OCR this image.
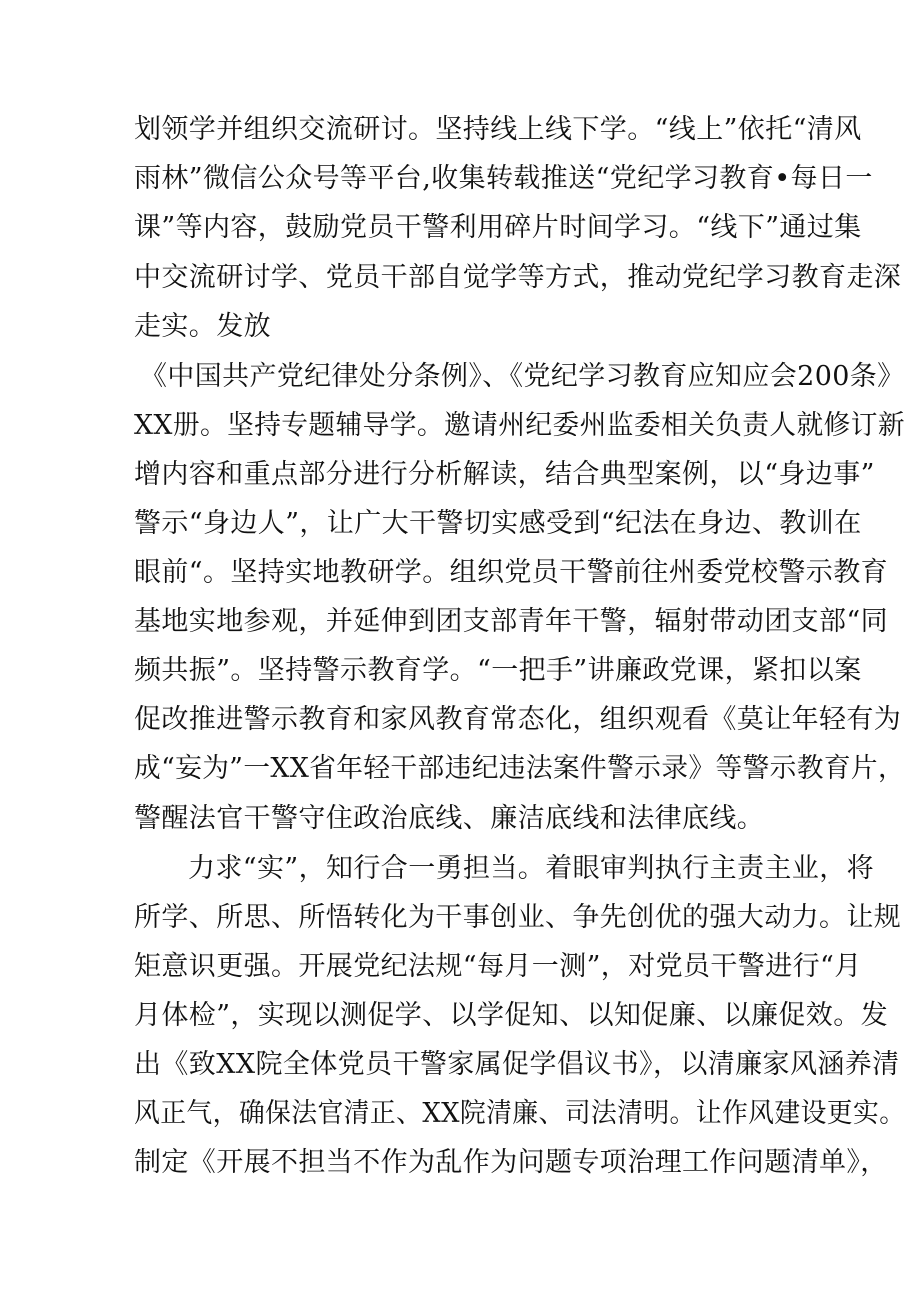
划领学并组织交流研讨。坚持线上线下学。“线上”依托“清风
雨林”微信公众号等平台,收集转载推送“党纪学习教育•每日一
课”等内容，鼓励党员干警利用碎片时间学习。“线下”通过集
中交流研讨学、党员干部自觉学等方式，推动党纪学习教育走深
走实。发放
《中国共产党纪律处分条例》、《党纪学习教育应知应会200条》
XX册。坚持专题辅导学。邀请州纪委州监委相关负责人就修订新
增内容和重点部分进行分析解读，结合典型案例，以“身边事”
警示“身边人”，让广大干警切实感受到“纪法在身边、教训在
眼前“。坚持实地教研学。组织党员干警前往州委党校警示教育
基地实地参观，并延伸到团支部青年干警，辐射带动团支部“同
频共振”。坚持警示教育学。“一把手”讲廉政党课，紧扣以案
促改推进警示教育和家风教育常态化，组织观看《莫让年轻有为
成“妄为”一XX省年轻干部违纪违法案件警示录》等警示教育片，
警醒法官干警守住政治底线、廉洁底线和法律底线。
力求“实”，知行合一勇担当。着眼审判执行主责主业，将
所学、所思、所悟转化为干事创业、争先创优的强大动力。让规
矩意识更强。开展党纪法规“每月一测”，对党员干警进行“月
月体检”，实现以测促学、以学促知、以知促廉、以廉促效。发
出《致XX院全体党员干警家属促学倡议书》，以清廉家风涵养清
风正气，确保法官清正、XX院清廉、司法清明。让作风建设更实。
制定《开展不担当不作为乱作为问题专项治理工作问题清单》，
